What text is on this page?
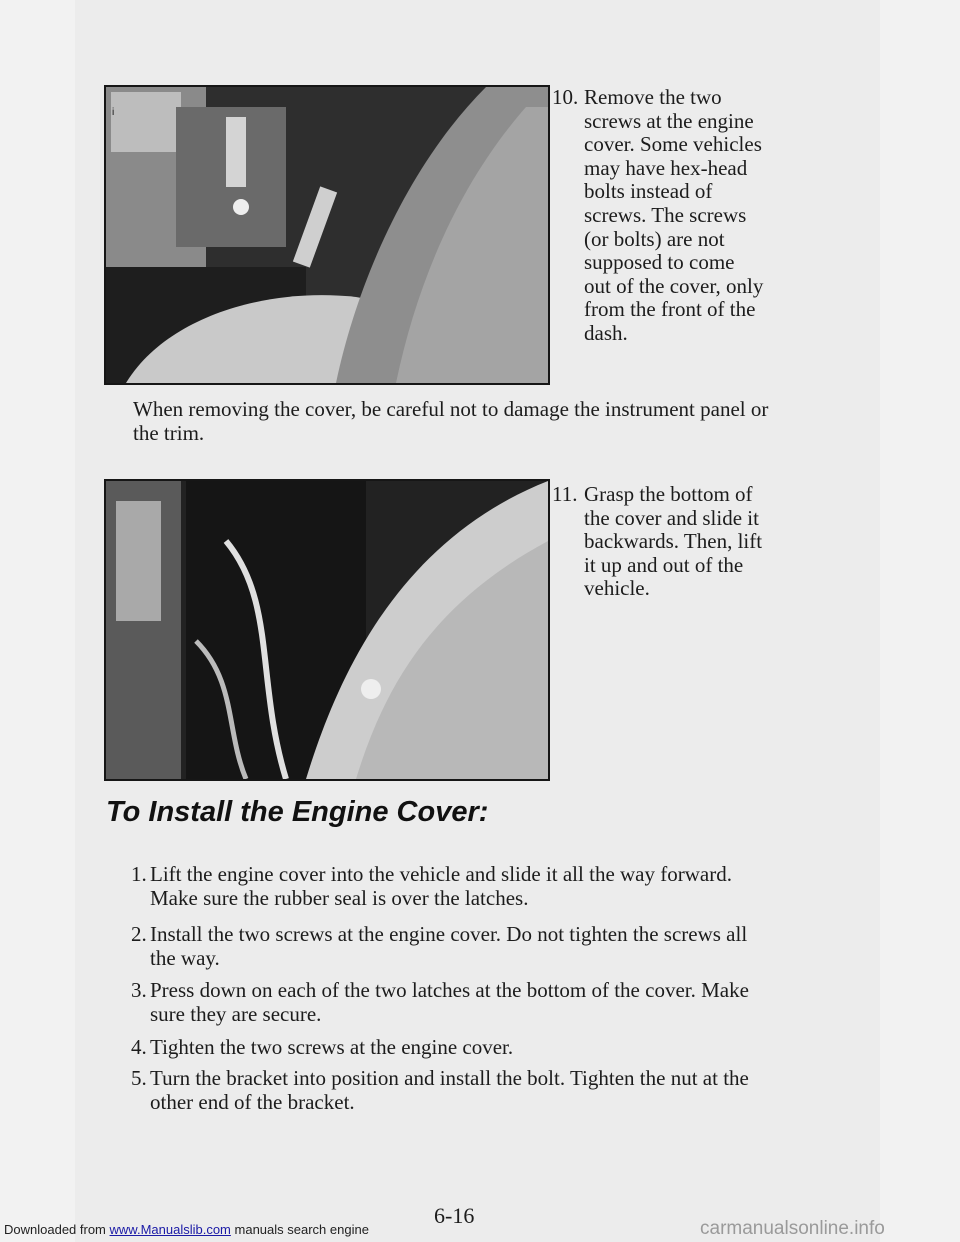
i
10. Remove the two screws at the engine cover. Some vehicles may have hex-head bolts instead of screws. The screws (or bolts) are not supposed to come out of the cover, only from the front of the dash.

When removing the cover, be careful not to damage the instrument panel or the trim.

11. Grasp the bottom of the cover and slide it backwards. Then, lift it up and out of the vehicle.
To Install the Engine Cover:
1. Lift the engine cover into the vehicle and slide it all the way forward. Make sure the rubber seal is over the latches.
2. Install the two screws at the engine cover. Do not tighten the screws all the way.
3. Press down on each of the two latches at the bottom of the cover. Make sure they are secure.
4. Tighten the two screws at the engine cover.
5. Turn the bracket into position and install the bolt. Tighten the nut at the other end of the bracket.
6-16
Downloaded from www.Manualslib.com manuals search engine	carmanualsonline.info
